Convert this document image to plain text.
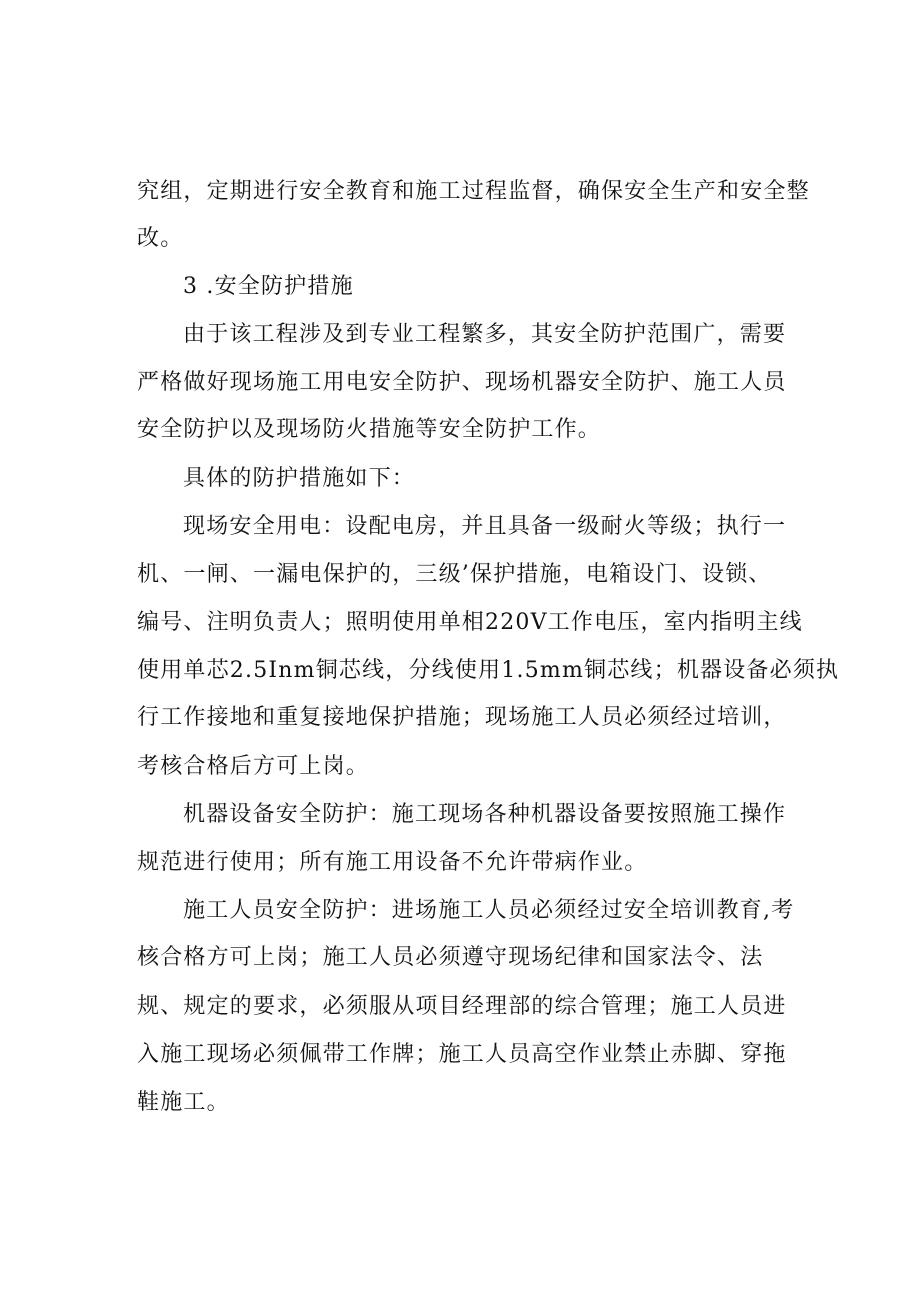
究组，定期进行安全教育和施工过程监督，确保安全生产和安全整
改。
3 .安全防护措施
由于该工程涉及到专业工程繁多，其安全防护范围广，需要
严格做好现场施工用电安全防护、现场机器安全防护、施工人员
安全防护以及现场防火措施等安全防护工作。
具体的防护措施如下：
现场安全用电：设配电房，并且具备一级耐火等级；执行一
机、一闸、一漏电保护的，三级’保护措施，电箱设门、设锁、
编号、注明负责人；照明使用单相220V工作电压，室内指明主线
使用单芯2.5Inm铜芯线，分线使用1.5mm铜芯线；机器设备必须执
行工作接地和重复接地保护措施；现场施工人员必须经过培训，
考核合格后方可上岗。
机器设备安全防护：施工现场各种机器设备要按照施工操作
规范进行使用；所有施工用设备不允许带病作业。
施工人员安全防护：进场施工人员必须经过安全培训教育,考
核合格方可上岗；施工人员必须遵守现场纪律和国家法令、法
规、规定的要求，必须服从项目经理部的综合管理；施工人员进
入施工现场必须佩带工作牌；施工人员高空作业禁止赤脚、穿拖
鞋施工。
